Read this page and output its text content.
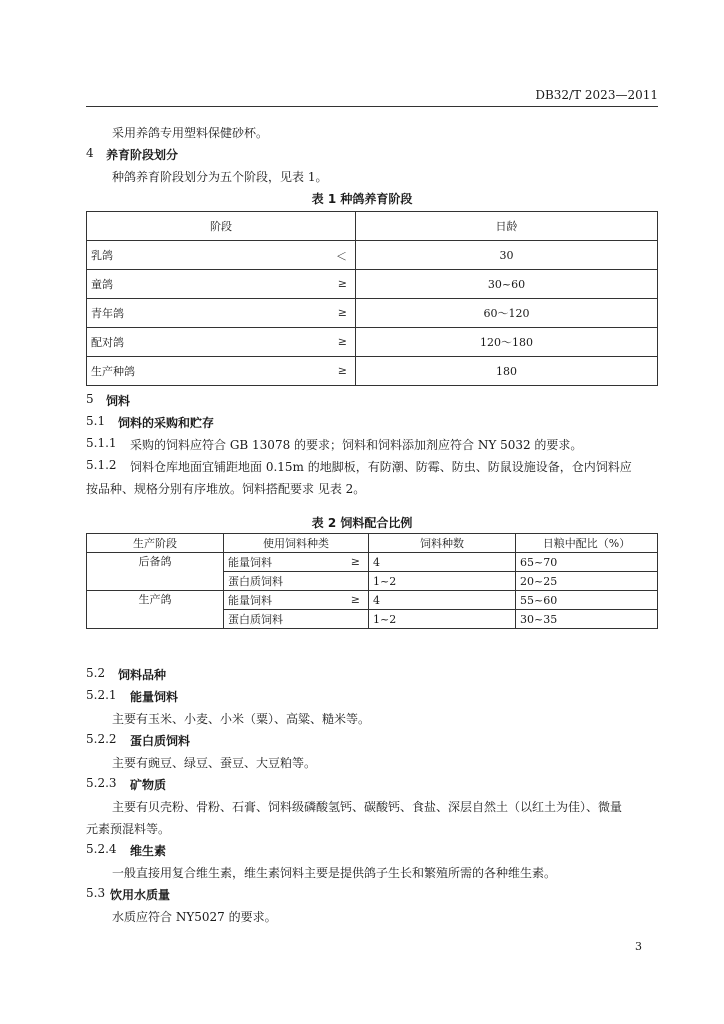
DB32/T 2023—2011
采用养鸽专用塑料保健砂杯。
4 养育阶段划分
种鸽养育阶段划分为五个阶段，见表 1。
表 1 种鸽养育阶段
阶段	日龄
乳鸽 ＜	30
童鸽 ≥	30~60
青年鸽 ≥	60～120
配对鸽 ≥	120～180
生产种鸽 ≥	180
5 饲料
5.1 饲料的采购和贮存
5.1.1 采购的饲料应符合 GB 13078 的要求；饲料和饲料添加剂应符合 NY 5032 的要求。
5.1.2 饲料仓库地面宜铺距地面 0.15m 的地脚板，有防潮、防霉、防虫、防鼠设施设备，仓内饲料应
按品种、规格分别有序堆放。饲料搭配要求 见表 2。
表 2 饲料配合比例
生产阶段	使用饲料种类	饲料种数	日粮中配比（%）
后备鸽	能量饲料 ≥	4	65~70
	蛋白质饲料	1~2	20~25
生产鸽	能量饲料 ≥	4	55~60
	蛋白质饲料	1~2	30~35
5.2 饲料品种
5.2.1 能量饲料
主要有玉米、小麦、小米（粟）、高粱、糙米等。
5.2.2 蛋白质饲料
主要有豌豆、绿豆、蚕豆、大豆粕等。
5.2.3 矿物质
主要有贝壳粉、骨粉、石膏、饲料级磷酸氢钙、碳酸钙、食盐、深层自然土（以红土为佳）、微量
元素预混料等。
5.2.4 维生素
一般直接用复合维生素，维生素饲料主要是提供鸽子生长和繁殖所需的各种维生素。
5.3 饮用水质量
水质应符合 NY5027 的要求。
3
